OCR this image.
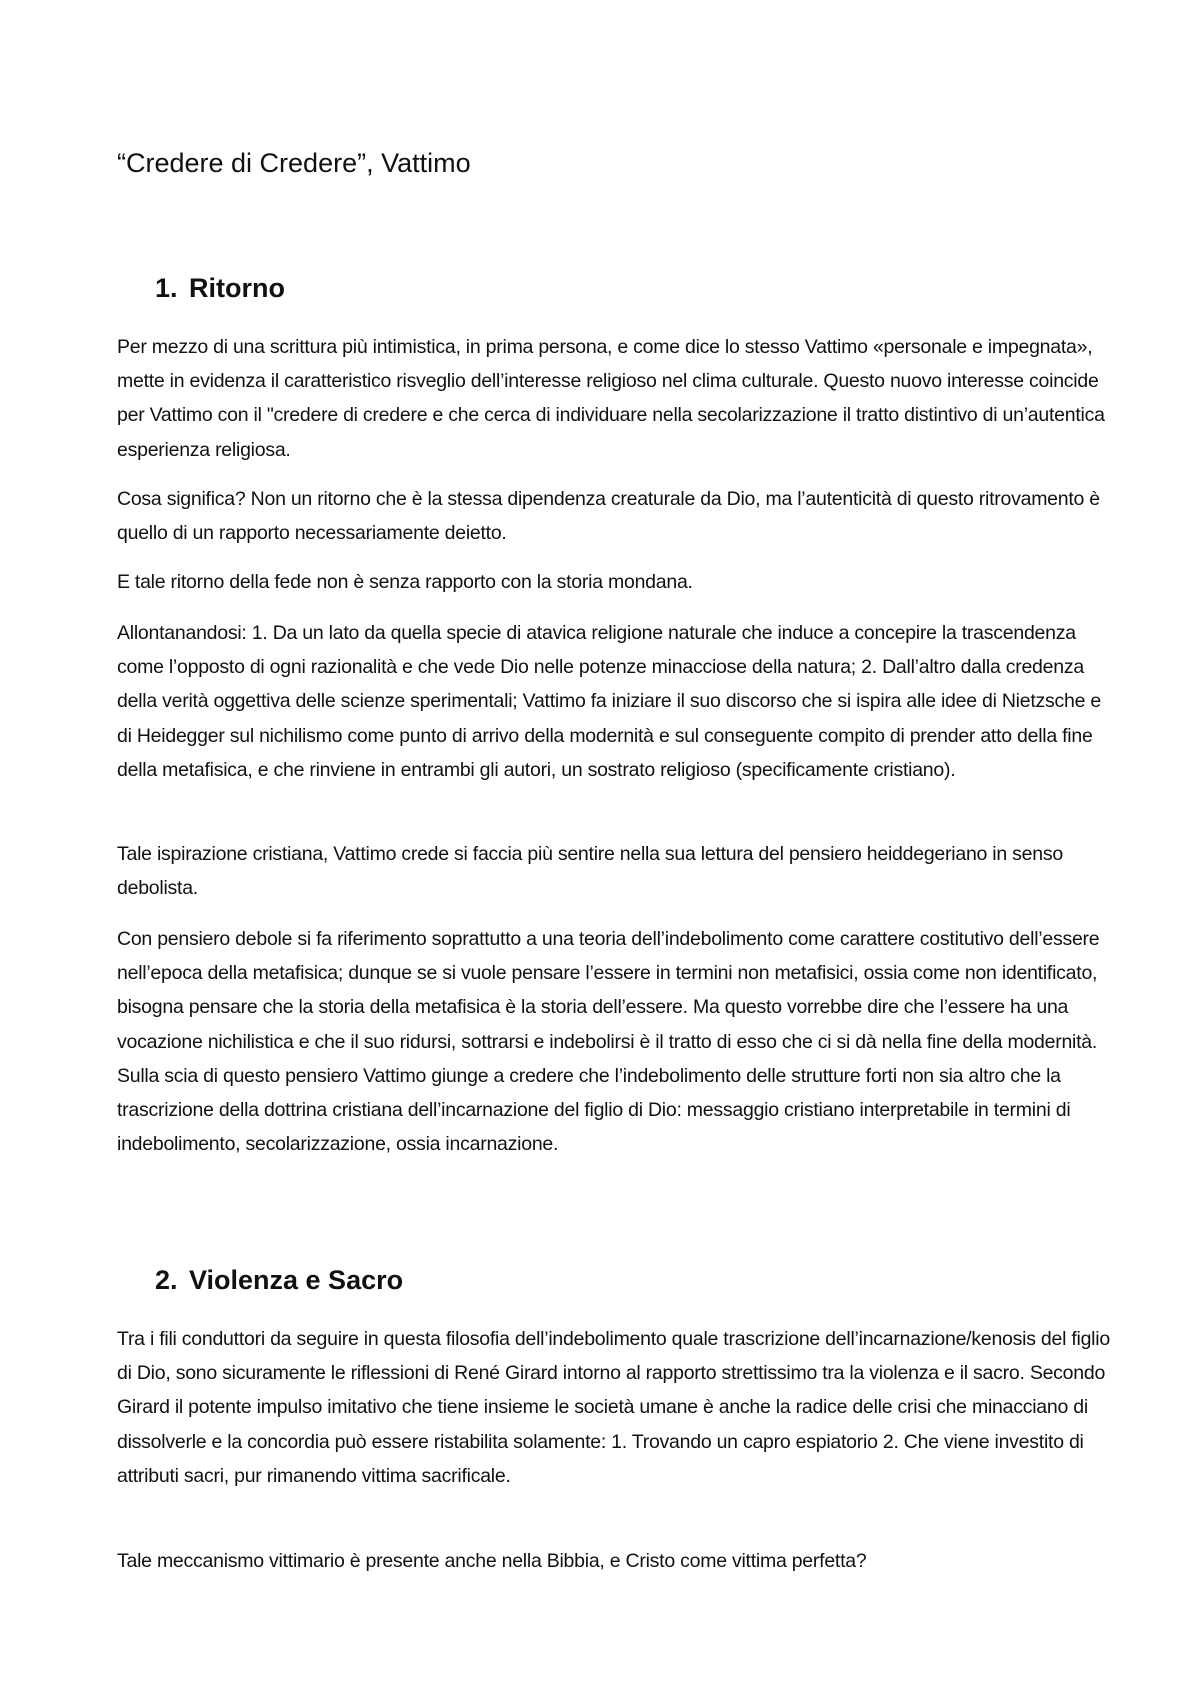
“Credere di Credere”, Vattimo
1. Ritorno

Per mezzo di una scrittura più intimistica, in prima persona, e come dice lo stesso Vattimo «personale e impegnata», mette in evidenza il caratteristico risveglio dell’interesse religioso nel clima culturale. Questo nuovo interesse coincide per Vattimo con il "credere di credere e che cerca di individuare nella secolarizzazione il tratto distintivo di un’autentica esperienza religiosa.

Cosa significa? Non un ritorno che è la stessa dipendenza creaturale da Dio, ma l’autenticità di questo ritrovamento è quello di un rapporto necessariamente deietto.

E tale ritorno della fede non è senza rapporto con la storia mondana.

Allontanandosi: 1. Da un lato da quella specie di atavica religione naturale che induce a concepire la trascendenza come l’opposto di ogni razionalità e che vede Dio nelle potenze minacciose della natura; 2. Dall’altro dalla credenza della verità oggettiva delle scienze sperimentali; Vattimo fa iniziare il suo discorso che si ispira alle idee di Nietzsche e di Heidegger sul nichilismo come punto di arrivo della modernità e sul conseguente compito di prender atto della fine della metafisica, e che rinviene in entrambi gli autori, un sostrato religioso (specificamente cristiano).

Tale ispirazione cristiana, Vattimo crede si faccia più sentire nella sua lettura del pensiero heiddegeriano in senso debolista.

Con pensiero debole si fa riferimento soprattutto a una teoria dell’indebolimento come carattere costitutivo dell’essere nell’epoca della metafisica; dunque se si vuole pensare l’essere in termini non metafisici, ossia come non identificato, bisogna pensare che la storia della metafisica è la storia dell’essere. Ma questo vorrebbe dire che l’essere ha una vocazione nichilistica e che il suo ridursi, sottrarsi e indebolirsi è il tratto di esso che ci si dà nella fine della modernità. Sulla scia di questo pensiero Vattimo giunge a credere che l’indebolimento delle strutture forti non sia altro che la trascrizione della dottrina cristiana dell’incarnazione del figlio di Dio: messaggio cristiano interpretabile in termini di indebolimento, secolarizzazione, ossia incarnazione.

2. Violenza e Sacro

Tra i fili conduttori da seguire in questa filosofia dell’indebolimento quale trascrizione dell’incarnazione/kenosis del figlio di Dio, sono sicuramente le riflessioni di René Girard intorno al rapporto strettissimo tra la violenza e il sacro. Secondo Girard il potente impulso imitativo che tiene insieme le società umane è anche la radice delle crisi che minacciano di dissolverle e la concordia può essere ristabilita solamente: 1. Trovando un capro espiatorio 2. Che viene investito di attributi sacri, pur rimanendo vittima sacrificale.

Tale meccanismo vittimario è presente anche nella Bibbia, e Cristo come vittima perfetta?
